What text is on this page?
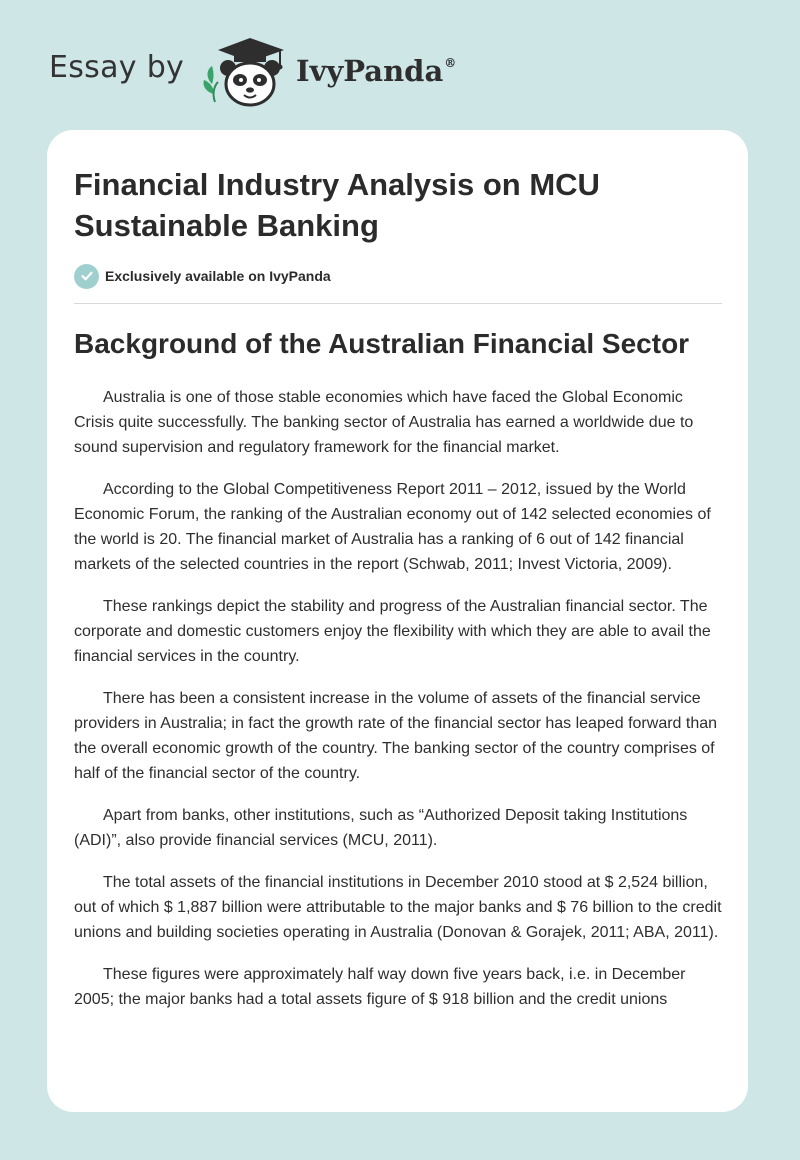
Essay by	IvyPanda®
Financial Industry Analysis on MCU Sustainable Banking
Exclusively available on IvyPanda
Background of the Australian Financial Sector

Australia is one of those stable economies which have faced the Global Economic Crisis quite successfully. The banking sector of Australia has earned a worldwide due to sound supervision and regulatory framework for the financial market.

According to the Global Competitiveness Report 2011 – 2012, issued by the World Economic Forum, the ranking of the Australian economy out of 142 selected economies of the world is 20. The financial market of Australia has a ranking of 6 out of 142 financial markets of the selected countries in the report (Schwab, 2011; Invest Victoria, 2009).

These rankings depict the stability and progress of the Australian financial sector. The corporate and domestic customers enjoy the flexibility with which they are able to avail the financial services in the country.

There has been a consistent increase in the volume of assets of the financial service providers in Australia; in fact the growth rate of the financial sector has leaped forward than the overall economic growth of the country. The banking sector of the country comprises of half of the financial sector of the country.

Apart from banks, other institutions, such as “Authorized Deposit taking Institutions (ADI)”, also provide financial services (MCU, 2011).

The total assets of the financial institutions in December 2010 stood at $ 2,524 billion, out of which $ 1,887 billion were attributable to the major banks and $ 76 billion to the credit unions and building societies operating in Australia (Donovan & Gorajek, 2011; ABA, 2011).

These figures were approximately half way down five years back, i.e. in December 2005; the major banks had a total assets figure of $ 918 billion and the credit unions
